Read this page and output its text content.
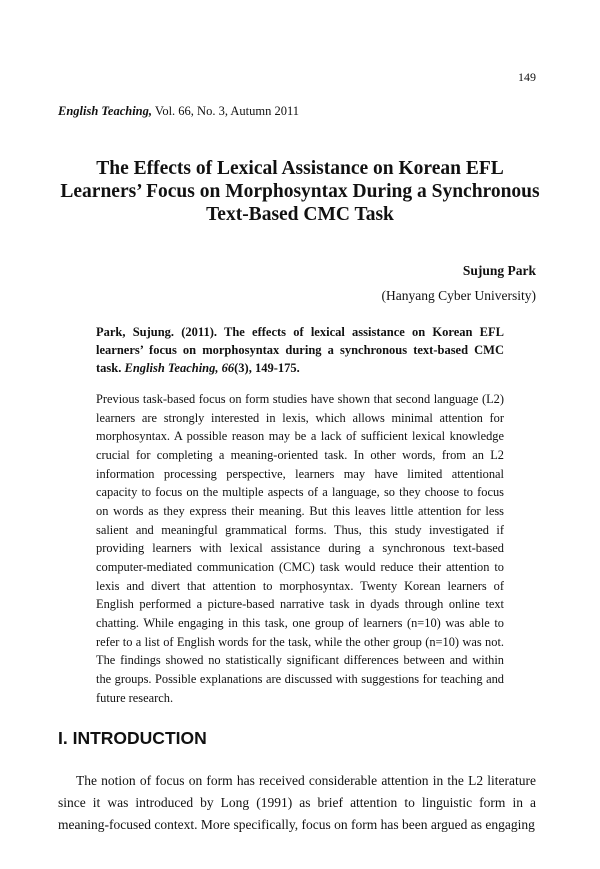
149
English Teaching, Vol. 66, No. 3, Autumn 2011
The Effects of Lexical Assistance on Korean EFL
Learners’ Focus on Morphosyntax During a Synchronous
Text-Based CMC Task
Sujung Park
(Hanyang Cyber University)
Park, Sujung. (2011). The effects of lexical assistance on Korean EFL learners’ focus on morphosyntax during a synchronous text-based CMC task. English Teaching, 66(3), 149-175.

Previous task-based focus on form studies have shown that second language (L2) learners are strongly interested in lexis, which allows minimal attention for morphosyntax. A possible reason may be a lack of sufficient lexical knowledge crucial for completing a meaning-oriented task. In other words, from an L2 information processing perspective, learners may have limited attentional capacity to focus on the multiple aspects of a language, so they choose to focus on words as they express their meaning. But this leaves little attention for less salient and meaningful grammatical forms. Thus, this study investigated if providing learners with lexical assistance during a synchronous text-based computer-mediated communication (CMC) task would reduce their attention to lexis and divert that attention to morphosyntax. Twenty Korean learners of English performed a picture-based narrative task in dyads through online text chatting. While engaging in this task, one group of learners (n=10) was able to refer to a list of English words for the task, while the other group (n=10) was not. The findings showed no statistically significant differences between and within the groups. Possible explanations are discussed with suggestions for teaching and future research.

I. INTRODUCTION

The notion of focus on form has received considerable attention in the L2 literature since it was introduced by Long (1991) as brief attention to linguistic form in a meaning-focused context. More specifically, focus on form has been argued as engaging
